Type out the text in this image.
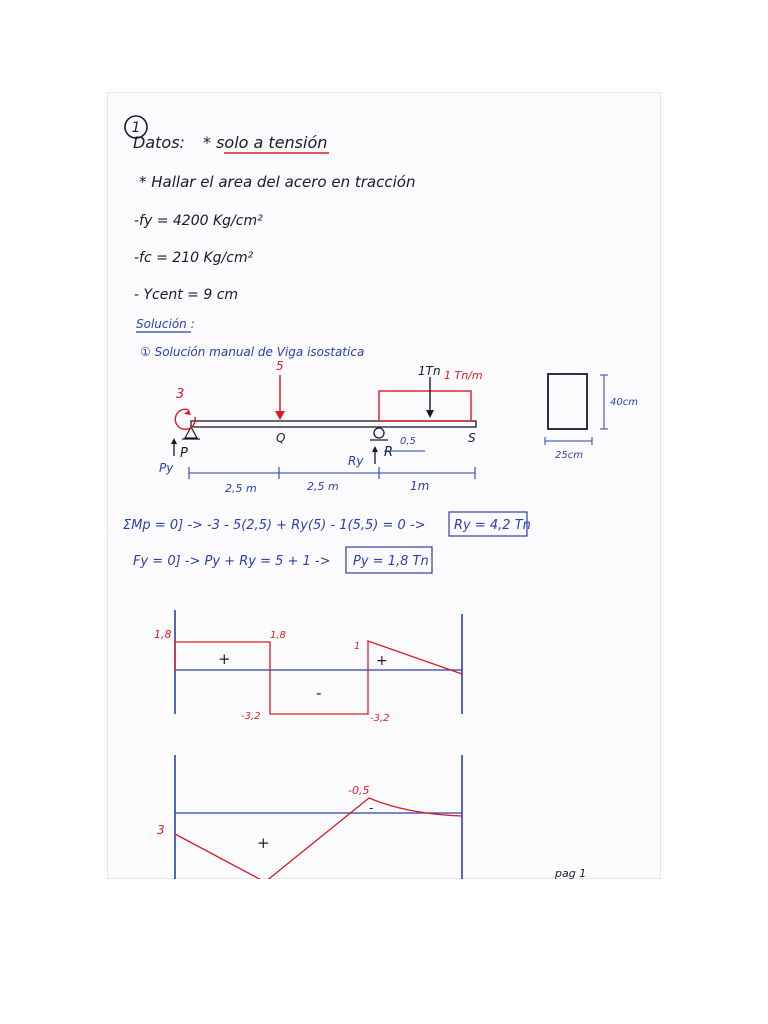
1
Datos: * solo a tensión
* Hallar el area del acero en tracción
-fy = 4200 Kg/cm²
-fc = 210 Kg/cm²
- Ycent = 9 cm
Solución :
① Solución manual de Viga isostatica
3
5	1Tn 1 Tn/m
P
Q
R
S
Py	Ry
0,5
2,5 m	2,5 m	1m
40cm
25cm
ΣMp = 0] -> -3 - 5(2,5) + Ry(5) - 1(5,5) = 0 -> Ry = 4,2 Tn
Fy = 0] -> Py + Ry = 5 + 1 -> Py = 1,8 Tn
1,8	1,8
1
-3,2	-3,2
+
-
+
3
-0,5
+
-
pag 1
